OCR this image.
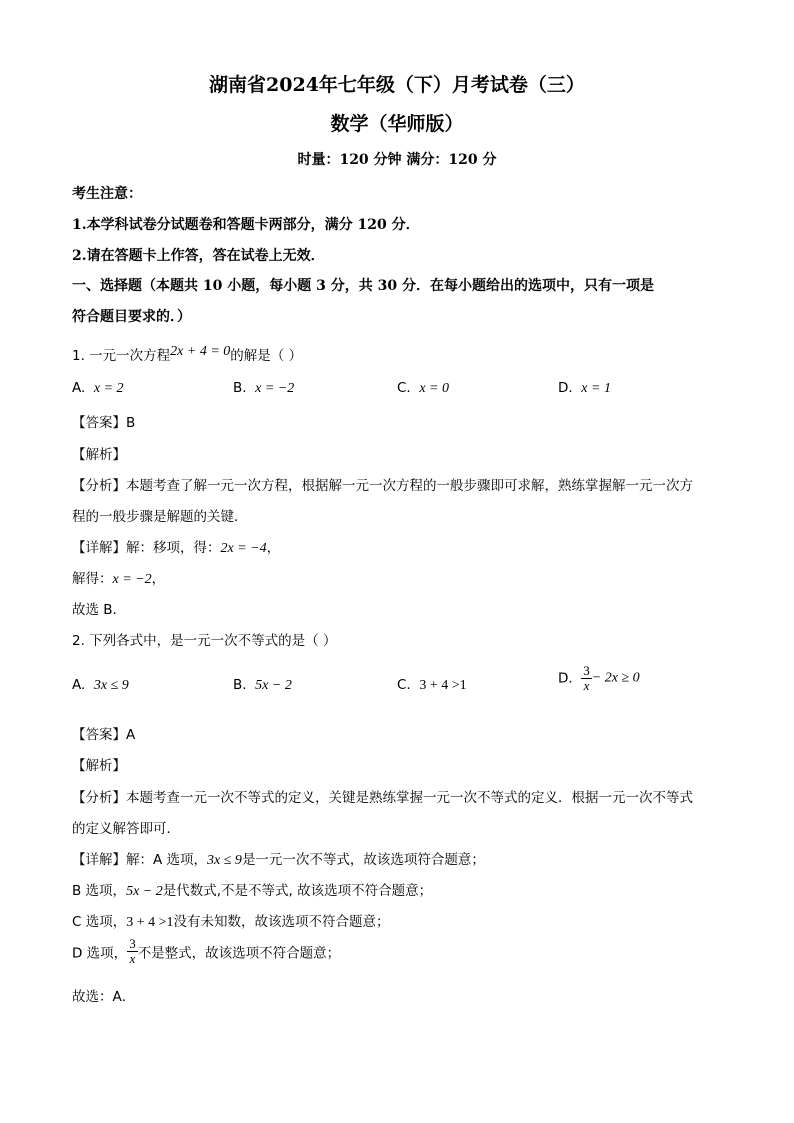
湖南省2024年七年级（下）月考试卷（三）
数学（华师版）
时量：120 分钟 满分：120 分
考生注意：
1.本学科试卷分试题卷和答题卡两部分，满分 120 分．
2.请在答题卡上作答，答在试卷上无效．
一、选择题（本题共 10 小题，每小题 3 分，共 30 分．在每小题给出的选项中，只有一项是
符合题目要求的．）
1. 一元一次方程2x + 4 = 0的解是（ ）
A. x = 2	B. x = −2	C. x = 0	D. x = 1
【答案】B
【解析】
【分析】本题考查了解一元一次方程，根据解一元一次方程的一般步骤即可求解，熟练掌握解一元一次方
程的一般步骤是解题的关键．
【详解】解：移项，得：2x = −4，
解得：x = −2，
故选 B．
2. 下列各式中，是一元一次不等式的是（ ）
A. 3x ≤ 9	B. 5x − 2	C. 3 + 4 >1	D. $\frac{3}{x} - 2x \ge 0$
【答案】A
【解析】
【分析】本题考查一元一次不等式的定义，关键是熟练掌握一元一次不等式的定义．根据一元一次不等式
的定义解答即可．
【详解】解：A 选项，3x ≤ 9是一元一次不等式，故该选项符合题意；
B 选项，5x − 2是代数式,不是不等式, 故该选项不符合题意；
C 选项，3 + 4 >1没有未知数，故该选项不符合题意；
D 选项， $\frac{3}{x}$ 不是整式，故该选项不符合题意；
故选：A．
